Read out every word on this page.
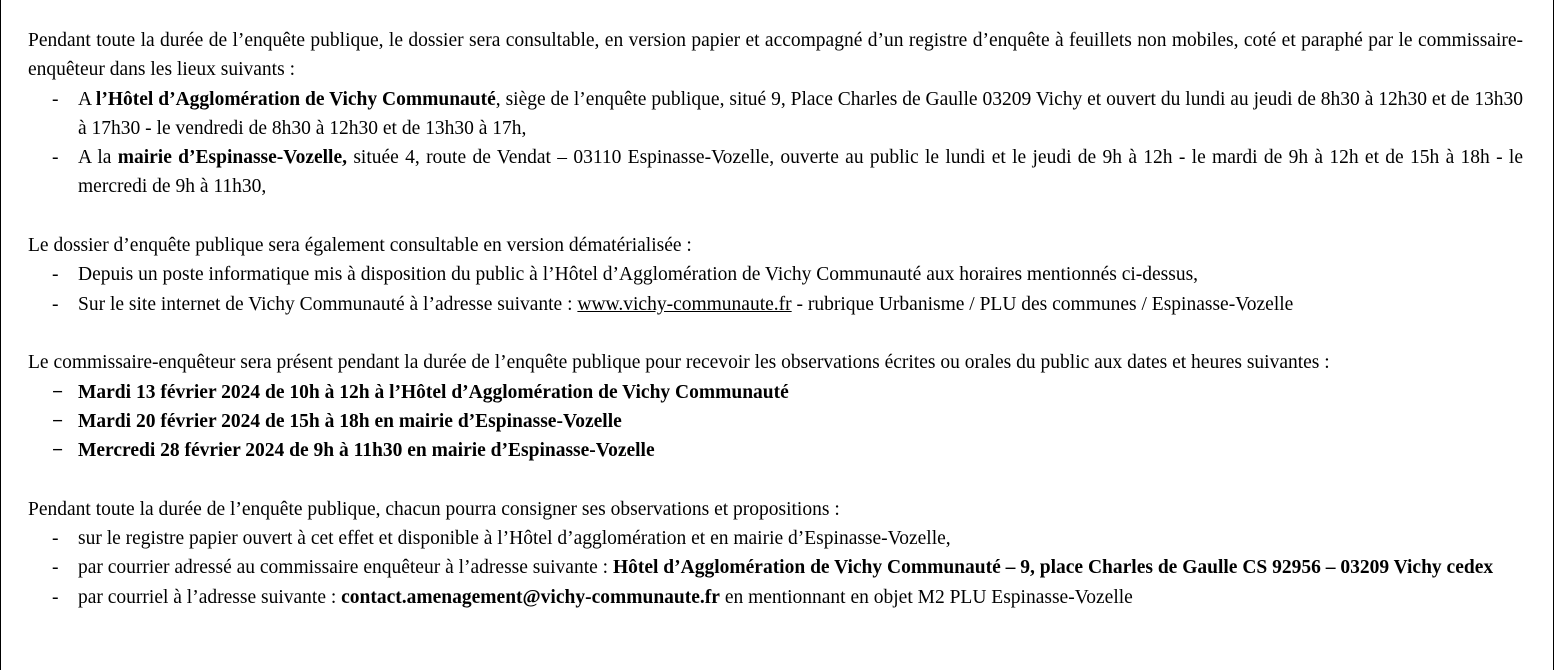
Pendant toute la durée de l’enquête publique, le dossier sera consultable, en version papier et accompagné d’un registre d’enquête à feuillets non mobiles, coté et paraphé par le commissaire-enquêteur dans les lieux suivants :

- A l’Hôtel d’Agglomération de Vichy Communauté, siège de l’enquête publique, situé 9, Place Charles de Gaulle 03209 Vichy et ouvert du lundi au jeudi de 8h30 à 12h30 et de 13h30 à 17h30 - le vendredi de 8h30 à 12h30 et de 13h30 à 17h,
- A la mairie d’Espinasse-Vozelle, située 4, route de Vendat – 03110 Espinasse-Vozelle, ouverte au public le lundi et le jeudi de 9h à 12h - le mardi de 9h à 12h et de 15h à 18h - le mercredi de 9h à 11h30,

Le dossier d’enquête publique sera également consultable en version dématérialisée :

- Depuis un poste informatique mis à disposition du public à l’Hôtel d’Agglomération de Vichy Communauté aux horaires mentionnés ci-dessus,
- Sur le site internet de Vichy Communauté à l’adresse suivante : www.vichy-communaute.fr - rubrique Urbanisme / PLU des communes / Espinasse-Vozelle

Le commissaire-enquêteur sera présent pendant la durée de l’enquête publique pour recevoir les observations écrites ou orales du public aux dates et heures suivantes :

− Mardi 13 février 2024 de 10h à 12h à l’Hôtel d’Agglomération de Vichy Communauté
− Mardi 20 février 2024 de 15h à 18h en mairie d’Espinasse-Vozelle
− Mercredi 28 février 2024 de 9h à 11h30 en mairie d’Espinasse-Vozelle

Pendant toute la durée de l’enquête publique, chacun pourra consigner ses observations et propositions :

- sur le registre papier ouvert à cet effet et disponible à l’Hôtel d’agglomération et en mairie d’Espinasse-Vozelle,
- par courrier adressé au commissaire enquêteur à l’adresse suivante : Hôtel d’Agglomération de Vichy Communauté – 9, place Charles de Gaulle CS 92956 – 03209 Vichy cedex
- par courriel à l’adresse suivante : contact.amenagement@vichy-communaute.fr en mentionnant en objet M2 PLU Espinasse-Vozelle
